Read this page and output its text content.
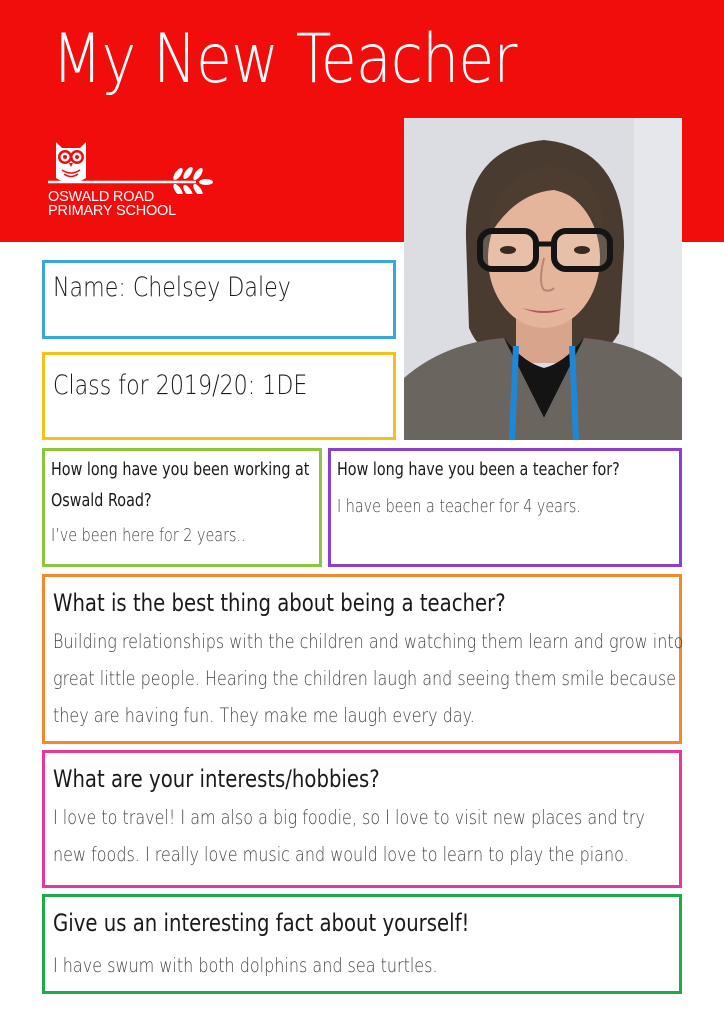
My New Teacher
OSWALD ROAD
PRIMARY SCHOOL
Name: Chelsey Daley
Class for 2019/20: 1DE
How long have you been working at
Oswald Road?
I’ve been here for 2 years..
How long have you been a teacher for?
I have been a teacher for 4 years.
What is the best thing about being a teacher?
Building relationships with the children and watching them learn and grow into
great little people. Hearing the children laugh and seeing them smile because
they are having fun. They make me laugh every day.
What are your interests/hobbies?
I love to travel! I am also a big foodie, so I love to visit new places and try
new foods. I really love music and would love to learn to play the piano.
Give us an interesting fact about yourself!
I have swum with both dolphins and sea turtles.
